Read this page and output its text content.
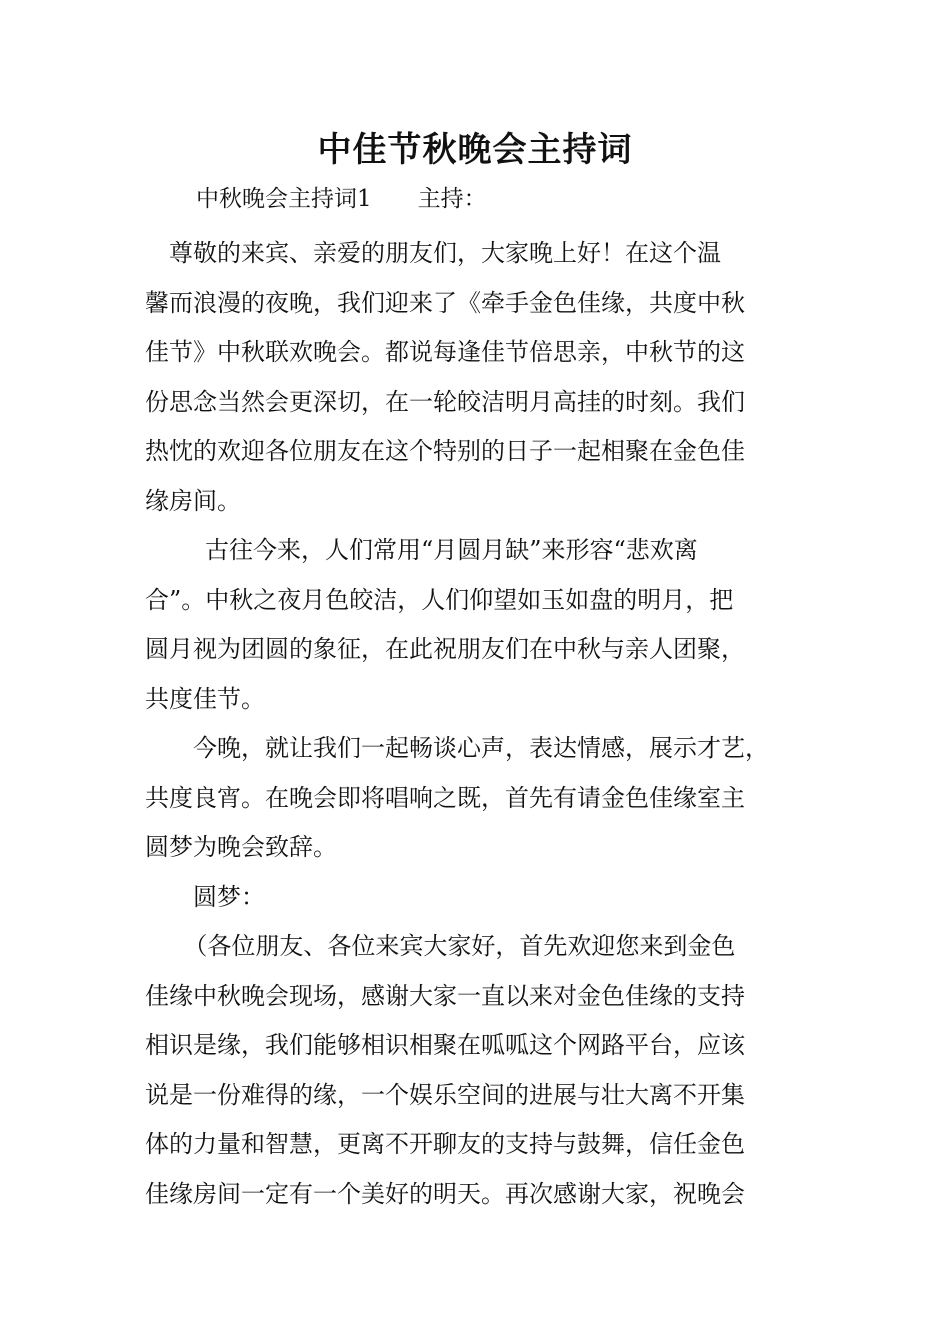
中佳节秋晚会主持词
中秋晚会主持词1　　主持：

尊敬的来宾、亲爱的朋友们，大家晚上好！在这个温
馨而浪漫的夜晚，我们迎来了《牵手金色佳缘，共度中秋
佳节》中秋联欢晚会。都说每逢佳节倍思亲，中秋节的这
份思念当然会更深切，在一轮皎洁明月高挂的时刻。我们
热忱的欢迎各位朋友在这个特别的日子一起相聚在金色佳
缘房间。

古往今来，人们常用“月圆月缺”来形容“悲欢离
合”。中秋之夜月色皎洁，人们仰望如玉如盘的明月，把
圆月视为团圆的象征，在此祝朋友们在中秋与亲人团聚，
共度佳节。

今晚，就让我们一起畅谈心声，表达情感，展示才艺，
共度良宵。在晚会即将唱响之既，首先有请金色佳缘室主
圆梦为晚会致辞。

圆梦：

（各位朋友、各位来宾大家好，首先欢迎您来到金色
佳缘中秋晚会现场，感谢大家一直以来对金色佳缘的支持
相识是缘，我们能够相识相聚在呱呱这个网路平台，应该
说是一份难得的缘，一个娱乐空间的进展与壮大离不开集
体的力量和智慧，更离不开聊友的支持与鼓舞，信任金色
佳缘房间一定有一个美好的明天。再次感谢大家，祝晚会
